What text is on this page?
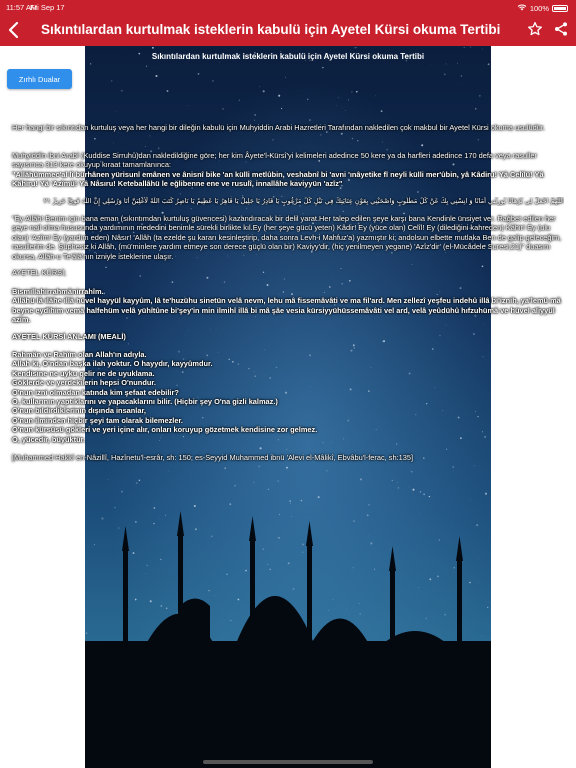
11:57 AM
Fri Sep 17	100%
Sıkıntılardan kurtulmak isteklerin kabulü için Ayetel Kürsi okuma Tertibi
Sıkıntılardan kurtulmak isteklerin kabulü için Ayetel Kürsi okuma Tertibi
Zırhlı Dualar
Her hangi bir sıkıntıdan kurtuluş veya her hangi bir dileğin kabulü için Muhyiddin Arabi Hazretleri Tarafından nakledilen çok makbul bir Ayetel Kürsi okuma usulüdür.
Muhyiddîn ibni Arabî (Kuddise Sirruhû)dan nakledildiğine göre; her kim Âyete'l-Kürsî'yi kelimeleri adedince 50 kere ya da harfleri adedince 170 defa veya rasuller sayısınca 313 kere okuyup kıraat tamamlanınca:
"Allâhümmec'al lî bürhânen yürisunî emânen ve ânisnî bike 'an külli metlûbin, veshabnî bi 'avni 'ınâyetike fî neyli külli mer'ûbin, yâ Kâdiru! Yâ Celîlü! Yâ Kâhiru! Yâ 'Azîmû! Yâ Nâsıru! Keteballâhü le eğlibenne ene ve rusulî, innallâhe kaviyyün 'azîz"
اللَّهُمَّ اجْعَلْ لِي بُرْهَانًا يُورِثُنِي أَمَانًا وَ انِسْنِي بِكَ عَنْ كُلِّ مَطْلُوبٍ وَاصْحَبْنِي بِعَوْنِ عِنَايَتِكَ فِي نَيْلِ كُلِّ مَرْغُوبٍ يَا قَادِرُ يَا جَلِيلُ يَا قَاهِرُ يَا عَظِيمُ يَا نَاصِرُ كَتَبَ اللّهُ لَأَغْلِبَنَّ أَنَا وَرُسُلِي إِنَّ اللّهَ قَوِيٌّ عَزِيزٌ ٢١
"Ey Allâh! Benim için bana eman (sıkıntımdan kurtuluş güvencesi) kazandıracak bir delil yarat.Her talep edilen şeye karşı bana Kendinle ünsiyet ver. Rağbet edilen her şeye nail olma hususunda yardımının mededini benimle sürekli birlikte kıl.Ey (her şeye gücü yeten) Kâdir! Ey (yüce olan) Celîl! Ey (dilediğini kahreden) Kâhir! Ey (ulu olan) 'Azîm! Ey (yardım eden) Nâsır! 'Allâh (ta ezelde şu kararı kesinleştirip, daha sonra Levh-i Mahfuz'a) yazmıştır ki; andolsun elbette mutlaka Ben de galip geleceğim, rasullerim de. Şüphesiz ki Allâh, (mü'minlere yardım etmeye son derece güçlü olan bir) Kaviyy'dir, (hiç yenilmeyen yegane) 'Azîz'dir' (el-Mücâdele Suresi;21)" duasını okursa, Allâh-u Te'âlâ'nın izniyle isteklerine ulaşır.
AYETEL KÜRSİ;
Bismillahirrahmânirrahîm.
Allâhü lâ ilâhe illâ hüvel hayyül kayyûm, lâ te'huzühu sinetün velâ nevm, lehu mâ fissemâvâti ve ma fil'ard. Men zellezî yeşfeu indehû illâ bi'iznih, ya'lemü mâ beyne eydîhim vemâ halfehüm velâ yühîtûne bi'şey'in min ilmihî illâ bi mâ şâe vesia kürsiyyühüssemâvâti vel ard, velâ yeûdühû hıfzuhümâ ve hüvel aliyyül azîm.
AYETEL KÜRSİ ANLAMI (MEALİ)
Rahmân ve Rahîm olan Allah'ın adıyla.
Allah ki, O'ndan başka ilah yoktur. O hayydır, kayyûmdur.
Kendisine ne uyku gelir ne de uyuklama.
Göklerde ve yerdekilerin hepsi O'nundur.
O'nun izni olmadan katında kim şefaat edebilir?
O, kullarının yaptıklarını ve yapacaklarını bilir. (Hiçbir şey O'na gizli kalmaz.)
O'nun bildirdiklerinin dışında insanlar,
O'nun ilminden hiçbir şeyi tam olarak bilemezler.
O'nun kürsüsü gökleri ve yeri içine alır, onları koruyup gözetmek kendisine zor gelmez.
O, yücedir, büyüktür.
[Muhammed Hakkî en-Nâzillî, Hazînetu'l-esrâr, sh: 150; es-Seyyid Muhammed ibnü 'Alevi el-Mâlikî, Ebvâbu'l-ferac, sh:135]
